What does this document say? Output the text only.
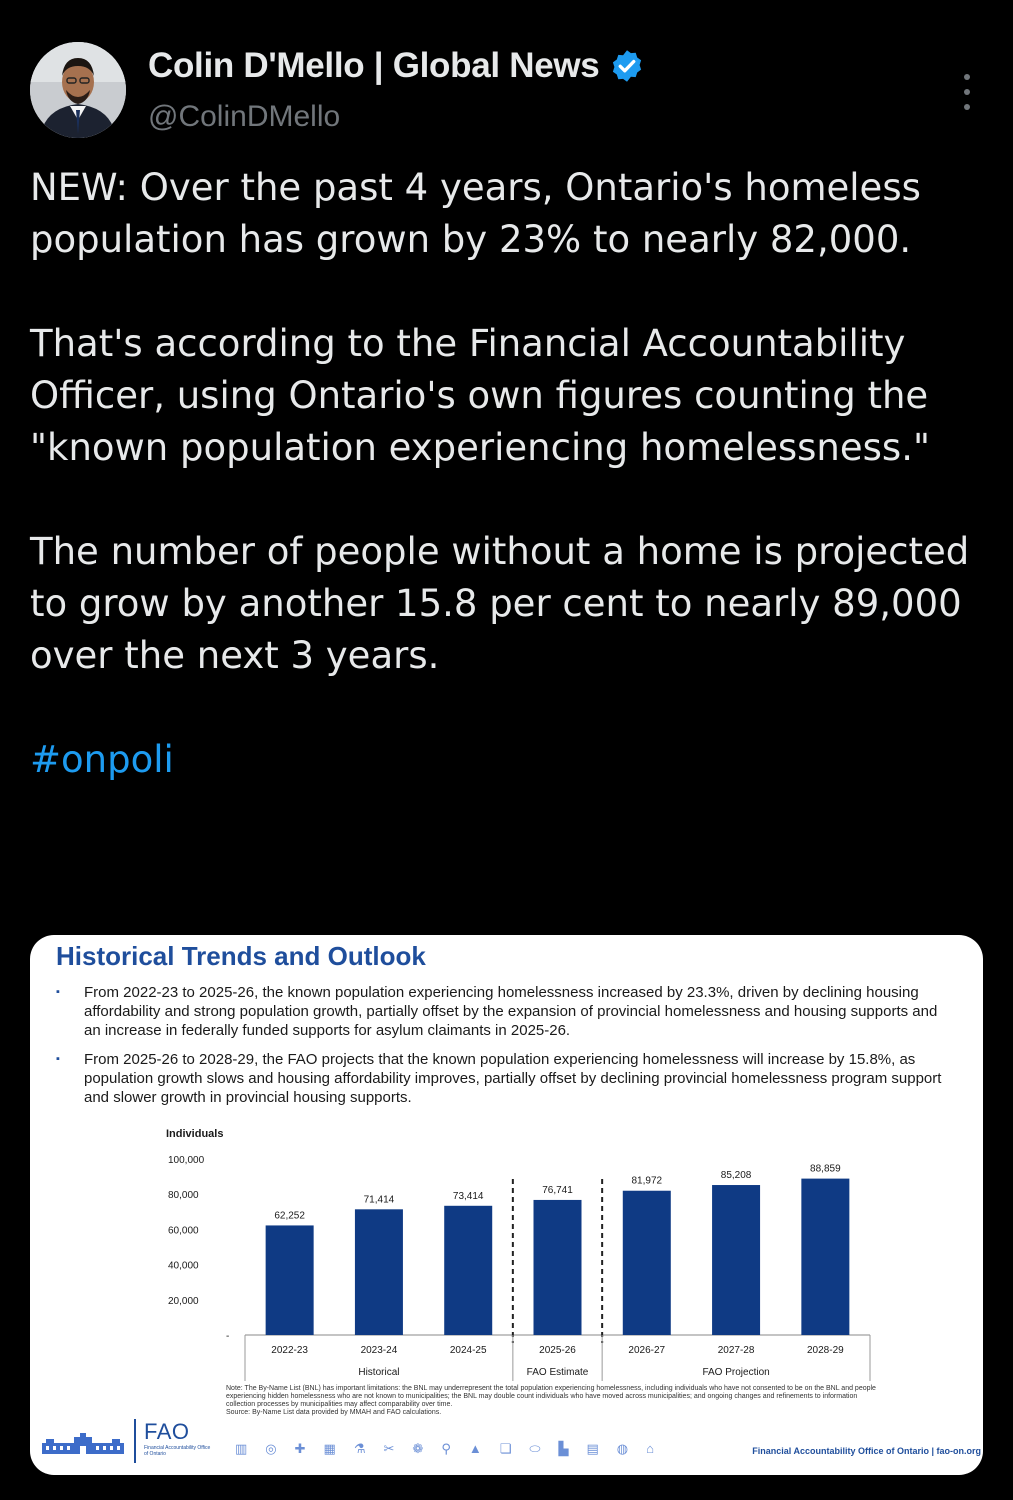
Colin D'Mello | Global News
@ColinDMello

NEW: Over the past 4 years, Ontario's homeless population has grown by 23% to nearly 82,000.

That's according to the Financial Accountability Officer, using Ontario's own figures counting the "known population experiencing homelessness."

The number of people without a home is projected to grow by another 15.8 per cent to nearly 89,000 over the next 3 years.

#onpoli

Historical Trends and Outlook
▪ From 2022-23 to 2025-26, the known population experiencing homelessness increased by 23.3%, driven by declining housing affordability and strong population growth, partially offset by the expansion of provincial homelessness and housing supports and an increase in federally funded supports for asylum claimants in 2025-26.
▪ From 2025-26 to 2028-29, the FAO projects that the known population experiencing homelessness will increase by 15.8%, as population growth slows and housing affordability improves, partially offset by declining provincial homelessness program support and slower growth in provincial housing supports.
Individuals
-
20,000
40,000
60,000
80,000
100,000
62,252
2022-23
71,414
2023-24
73,414
2024-25
76,741
2025-26
81,972
2026-27
85,208
2027-28
88,859
2028-29
Historical	FAO Estimate	FAO Projection
Note: The By-Name List (BNL) has important limitations: the BNL may underrepresent the total population experiencing homelessness, including individuals who have not consented to be on the BNL and people experiencing hidden homelessness who are not known to municipalities; the BNL may double count individuals who have moved across municipalities; and ongoing changes and refinements to information collection processes by municipalities may affect comparability over time.
Source: By-Name List data provided by MMAH and FAO calculations.
FAO
Financial Accountability Office of Ontario	▥ ◎ ✚ ▦ ⚗ ✂ ❁ ⚲ ▲ ❏ ⬭ ▙ ▤ ◍ ⌂	Financial Accountability Office of Ontario | fao-on.org
